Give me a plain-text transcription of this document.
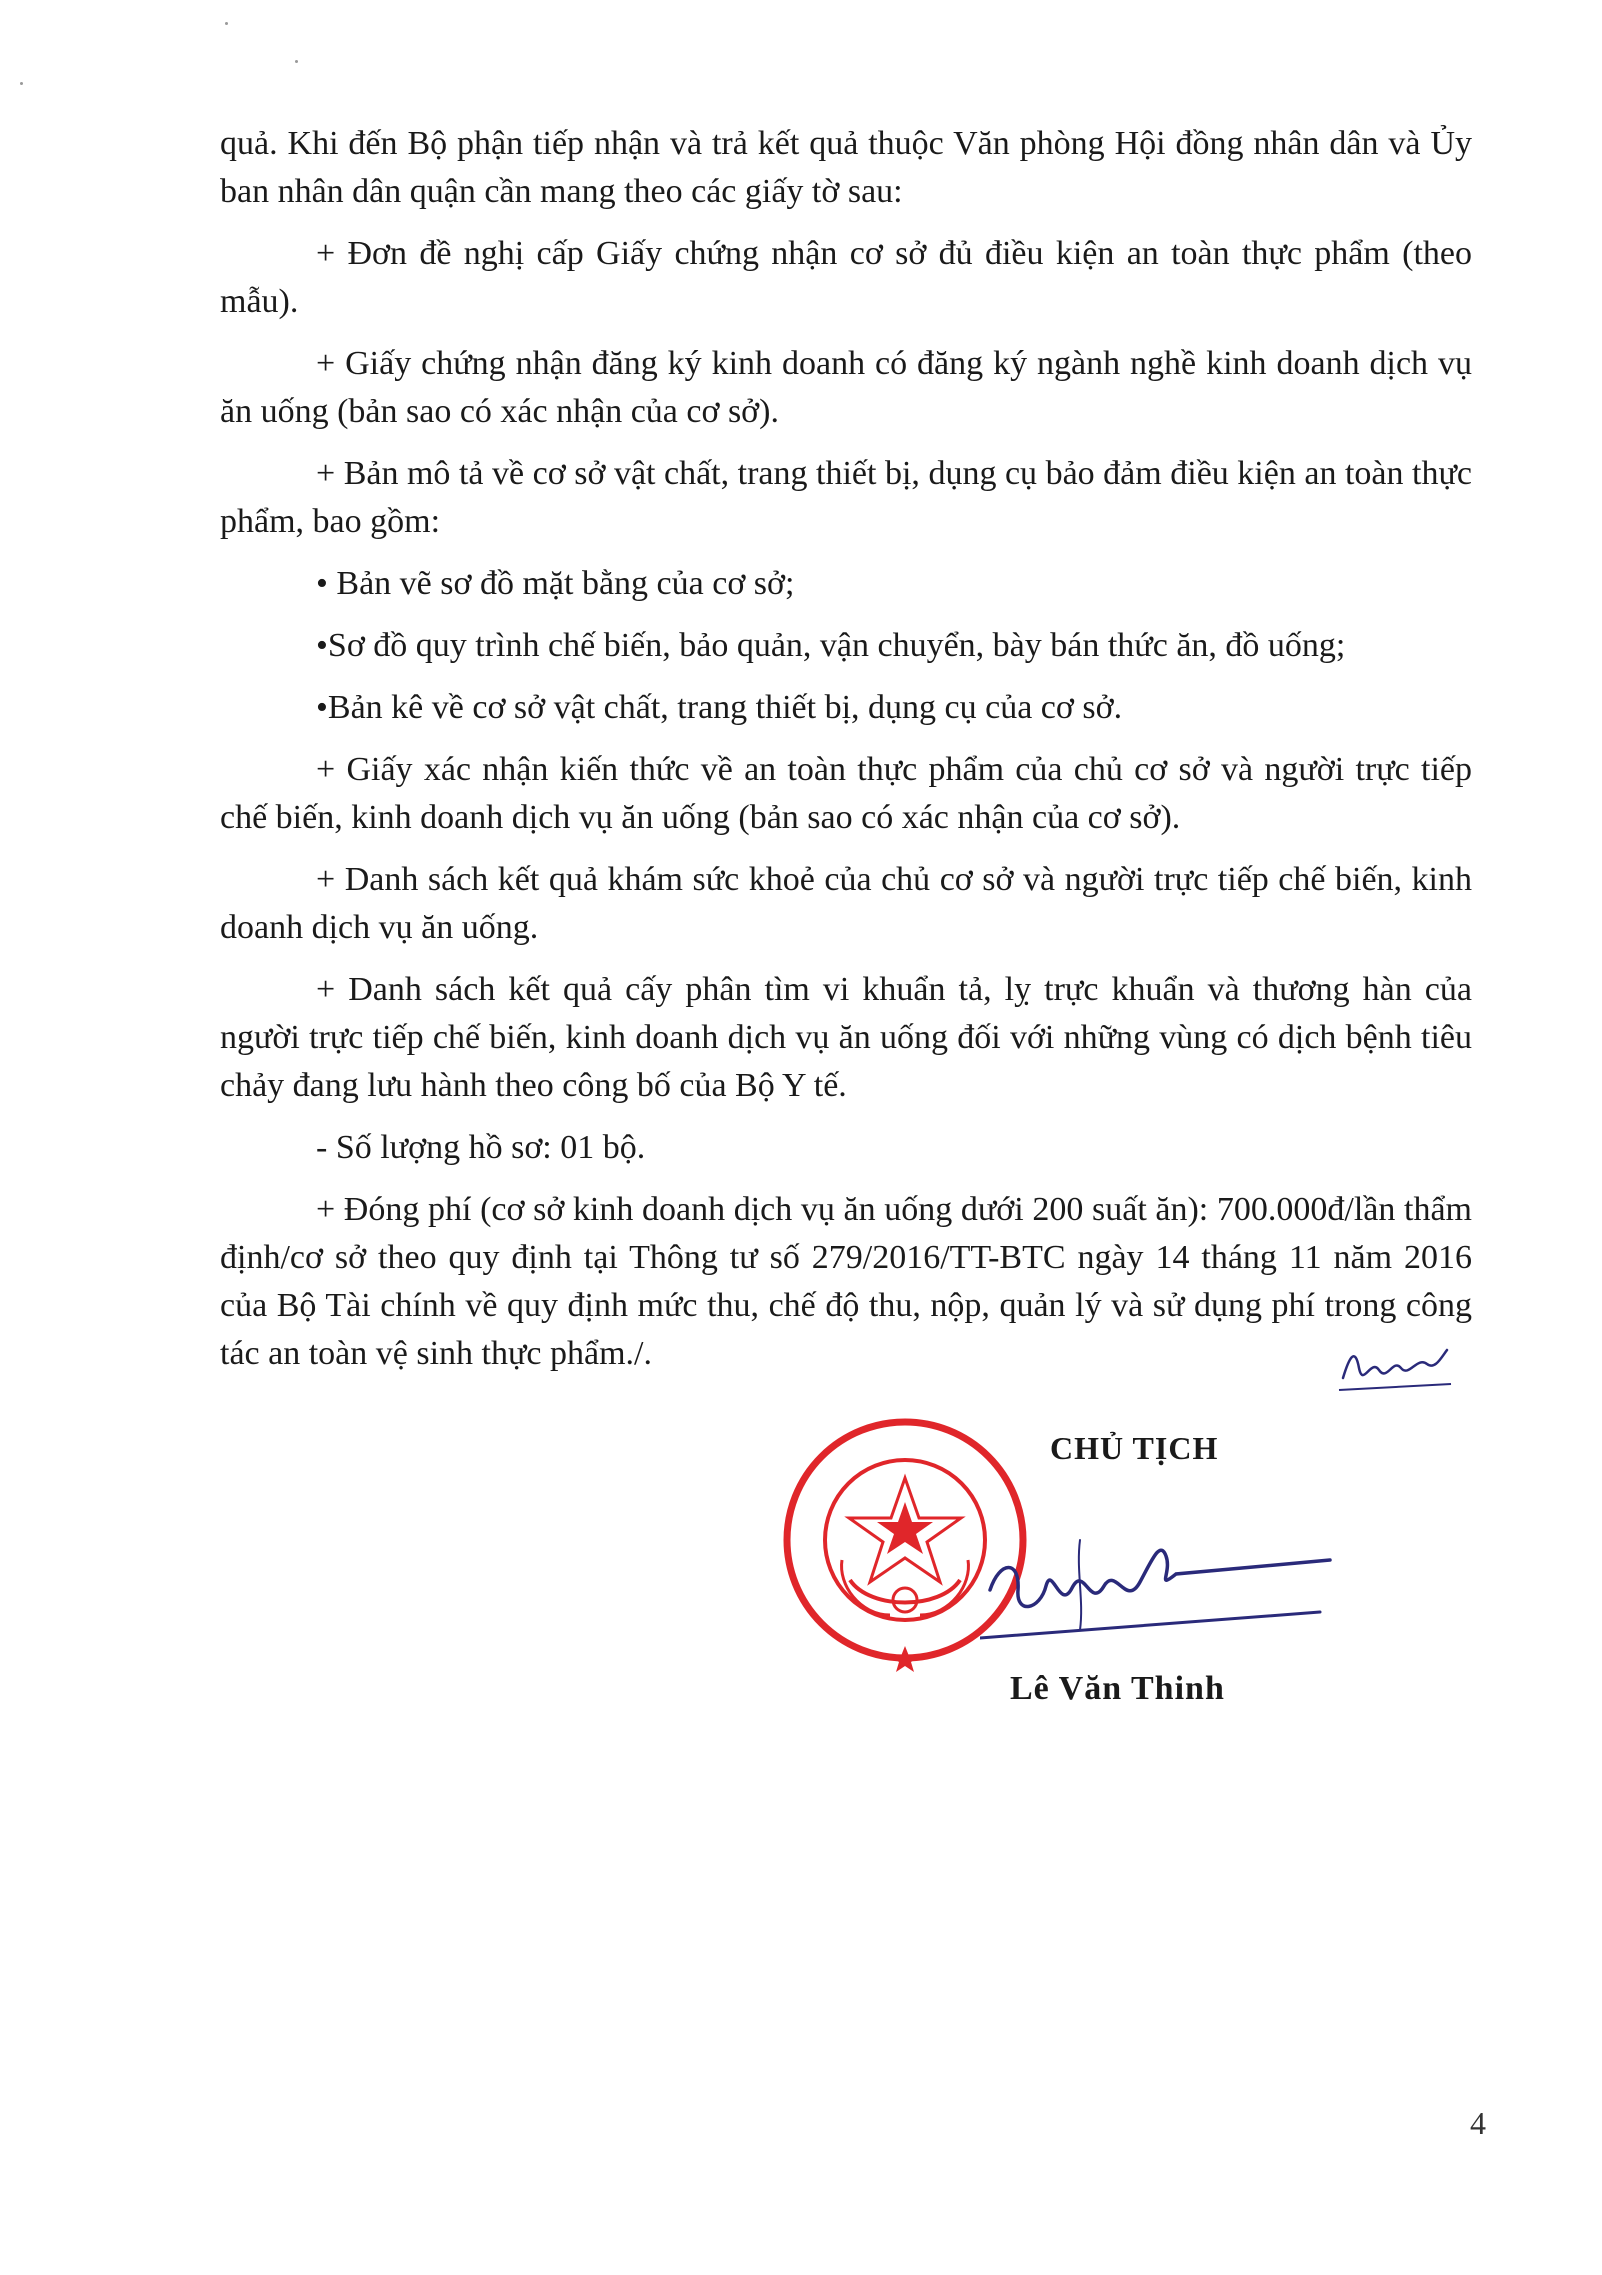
quả. Khi đến Bộ phận tiếp nhận và trả kết quả thuộc Văn phòng Hội đồng nhân dân và Ủy ban nhân dân quận cần mang theo các giấy tờ sau:

+ Đơn đề nghị cấp Giấy chứng nhận cơ sở đủ điều kiện an toàn thực phẩm (theo mẫu).

+ Giấy chứng nhận đăng ký kinh doanh có đăng ký ngành nghề kinh doanh dịch vụ ăn uống (bản sao có xác nhận của cơ sở).

+ Bản mô tả về cơ sở vật chất, trang thiết bị, dụng cụ bảo đảm điều kiện an toàn thực phẩm, bao gồm:

• Bản vẽ sơ đồ mặt bằng của cơ sở;

•Sơ đồ quy trình chế biến, bảo quản, vận chuyển, bày bán thức ăn, đồ uống;

•Bản kê về cơ sở vật chất, trang thiết bị, dụng cụ của cơ sở.

+ Giấy xác nhận kiến thức về an toàn thực phẩm của chủ cơ sở và người trực tiếp chế biến, kinh doanh dịch vụ ăn uống (bản sao có xác nhận của cơ sở).

+ Danh sách kết quả khám sức khoẻ của chủ cơ sở và người trực tiếp chế biến, kinh doanh dịch vụ ăn uống.

+ Danh sách kết quả cấy phân tìm vi khuẩn tả, lỵ trực khuẩn và thương hàn của người trực tiếp chế biến, kinh doanh dịch vụ ăn uống đối với những vùng có dịch bệnh tiêu chảy đang lưu hành theo công bố của Bộ Y tế.

- Số lượng hồ sơ: 01 bộ.

+ Đóng phí (cơ sở kinh doanh dịch vụ ăn uống dưới 200 suất ăn): 700.000đ/lần thẩm định/cơ sở theo quy định tại Thông tư số 279/2016/TT-BTC ngày 14 tháng 11 năm 2016 của Bộ Tài chính về quy định mức thu, chế độ thu, nộp, quản lý và sử dụng phí trong công tác an toàn vệ sinh thực phẩm./.

CHỦ TỊCH
Lê Văn Thinh
4
